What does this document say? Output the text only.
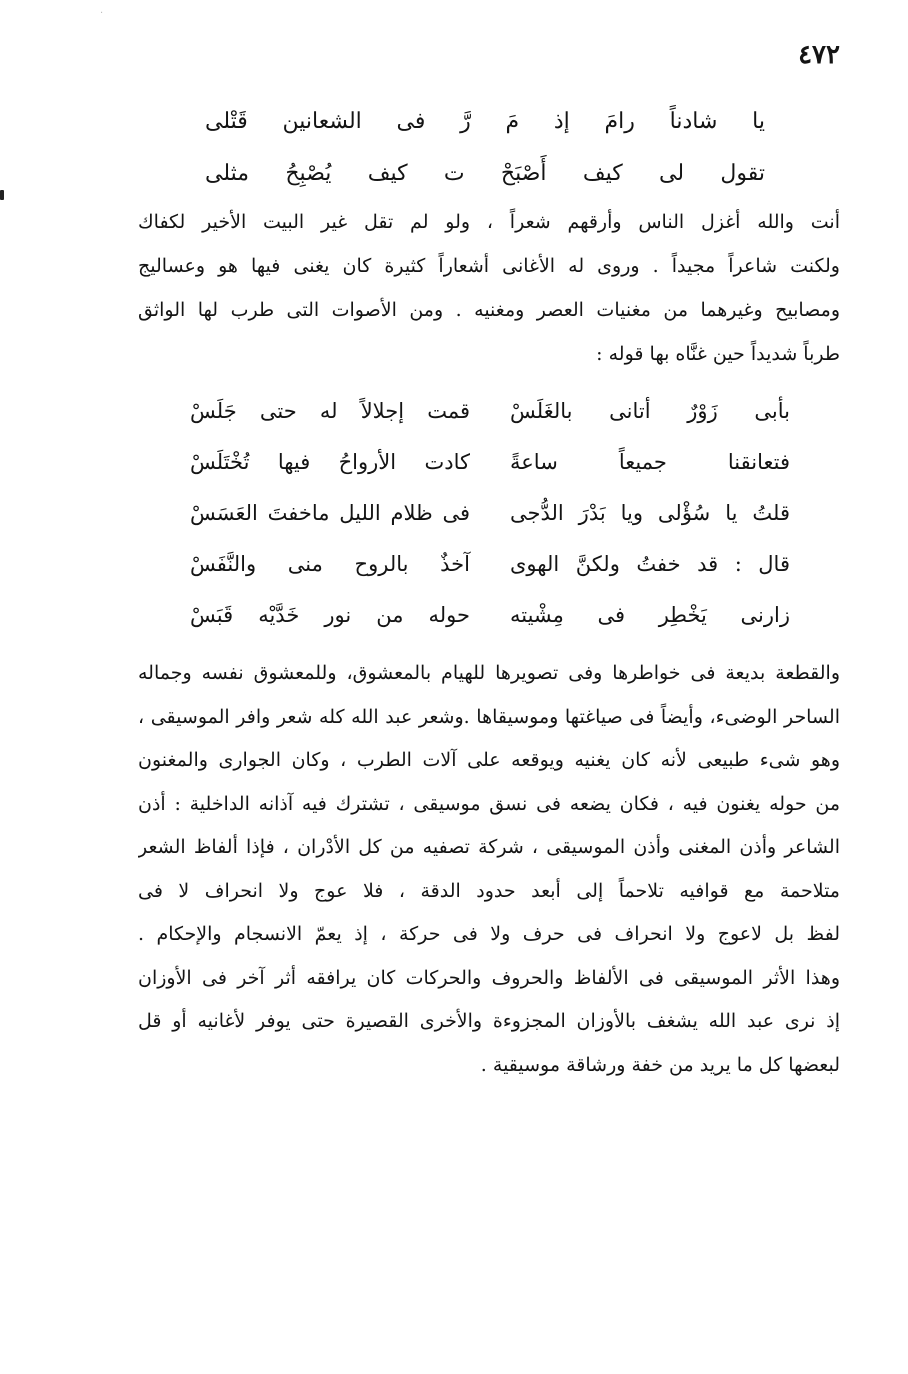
·
٤٧٢
يا شادناً رامَ إذ مَ رَّ فى الشعانين قَتْلى
تقول لى كيف أَصْبَحْ ت كيف يُصْبِحُ مثلى
أنت والله أغزل الناس وأرقهم شعراً ، ولو لم تقل غير البيت الأخير لكفاك
ولكنت شاعراً مجيداً . وروى له الأغانى أشعاراً كثيرة كان يغنى فيها هو وعساليج
ومصابيح وغيرهما من مغنيات العصر ومغنيه . ومن الأصوات التى طرب لها الواثق
طرباً شديداً حين غنَّاه بها قوله :
بأبى زَوْرٌ أتانى بالغَلَسْ
قمت إجلالاً له حتى جَلَسْ
فتعانقنا جميعاً ساعةً
كادت الأرواحُ فيها تُخْتَلَسْ
قلتُ يا سُؤْلى ويا بَدْرَ الدُّجى
فى ظلام الليل ماخفتَ العَسَسْ
قال : قد خفتُ ولكنَّ الهوى
آخذٌ بالروح منى والنَّفَسْ
زارنى يَخْطِر فى مِشْيته
حوله من نور خَدَّيْه قَبَسْ
والقطعة بديعة فى خواطرها وفى تصويرها للهيام بالمعشوق، وللمعشوق نفسه وجماله
الساحر الوضىء، وأيضاً فى صياغتها وموسيقاها .وشعر عبد الله كله شعر وافر الموسيقى ،
وهو شىء طبيعى لأنه كان يغنيه ويوقعه على آلات الطرب ، وكان الجوارى والمغنون
من حوله يغنون فيه ، فكان يضعه فى نسق موسيقى ، تشترك فيه آذانه الداخلية : أذن
الشاعر وأذن المغنى وأذن الموسيقى ، شركة تصفيه من كل الأدْران ، فإذا ألفاظ الشعر
متلاحمة مع قوافيه تلاحماً إلى أبعد حدود الدقة ، فلا عوج ولا انحراف لا فى
لفظ بل لاعوج ولا انحراف فى حرف ولا فى حركة ، إذ يعمّ الانسجام والإحكام .
وهذا الأثر الموسيقى فى الألفاظ والحروف والحركات كان يرافقه أثر آخر فى الأوزان
إذ نرى عبد الله يشغف بالأوزان المجزوءة والأخرى القصيرة حتى يوفر لأغانيه أو قل
لبعضها كل ما يريد من خفة ورشاقة موسيقية .
